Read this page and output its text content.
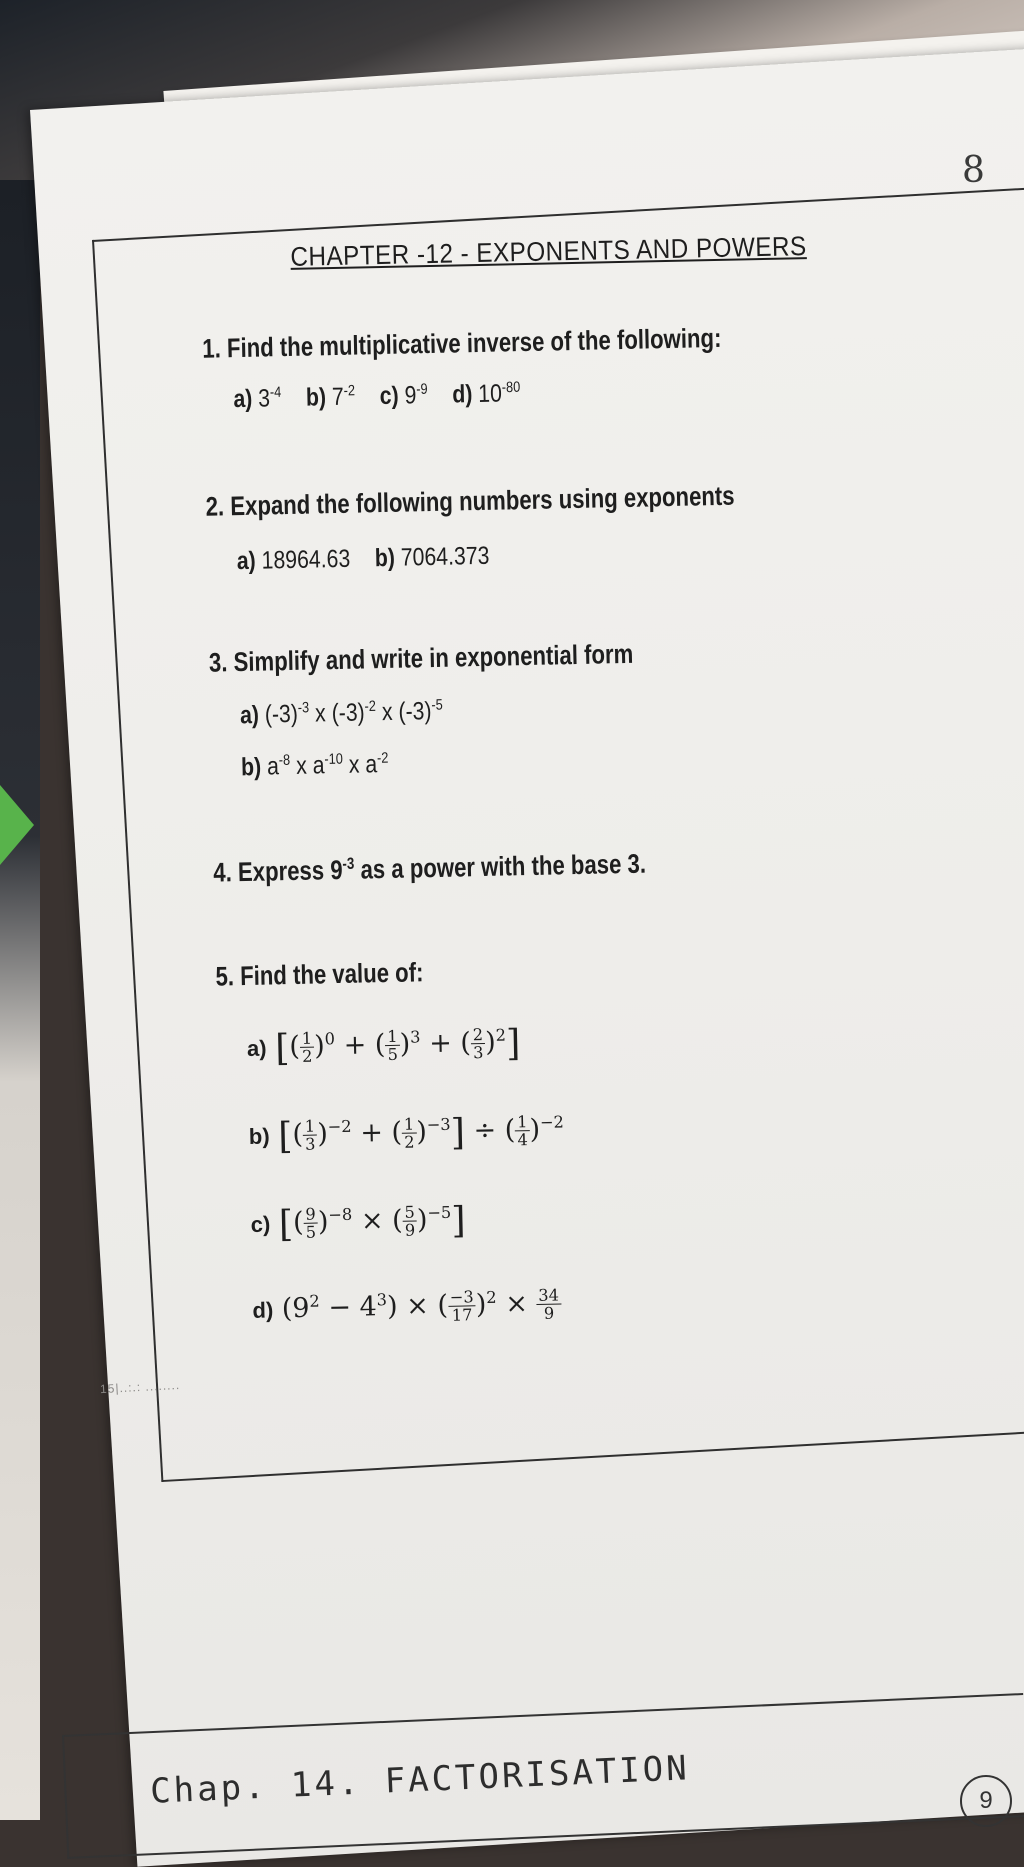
8
CHAPTER -12 - EXPONENTS AND POWERS
1. Find the multiplicative inverse of the following:
a) $3^{-4}$ b) $7^{-2}$ c) $9^{-9}$ d) $10^{-80}$
2. Expand the following numbers using exponents
a) 18964.63 b) 7064.373
3. Simplify and write in exponential form
a) $(-3)^{-3}$ x $(-3)^{-2}$ x $(-3)^{-5}$
b) $a^{-8}$ x $a^{-10}$ x $a^{-2}$
4. Express $9^{-3}$ as a power with the base 3.
5. Find the value of:
a) [( $\frac{1}{2} )^0$ + ( $\frac{1}{5} )^3$ + ( $\frac{2}{3} )^2$]
b) [( $\frac{1}{3} )^{-2}$ + ( $\frac{1}{2} )^{-3}$] ÷ ( $\frac{1}{4} )^{-2}$
c) [( $\frac{9}{5} )^{-8}$ × ( $\frac{5}{9} )^{-5}$]
d) $(9^2 - 4^3)$ × ( $\frac{-3}{17} )^2 \times \frac{34}{9}$
15|..:.: ........
Chap. 14. FACTORISATION	9
